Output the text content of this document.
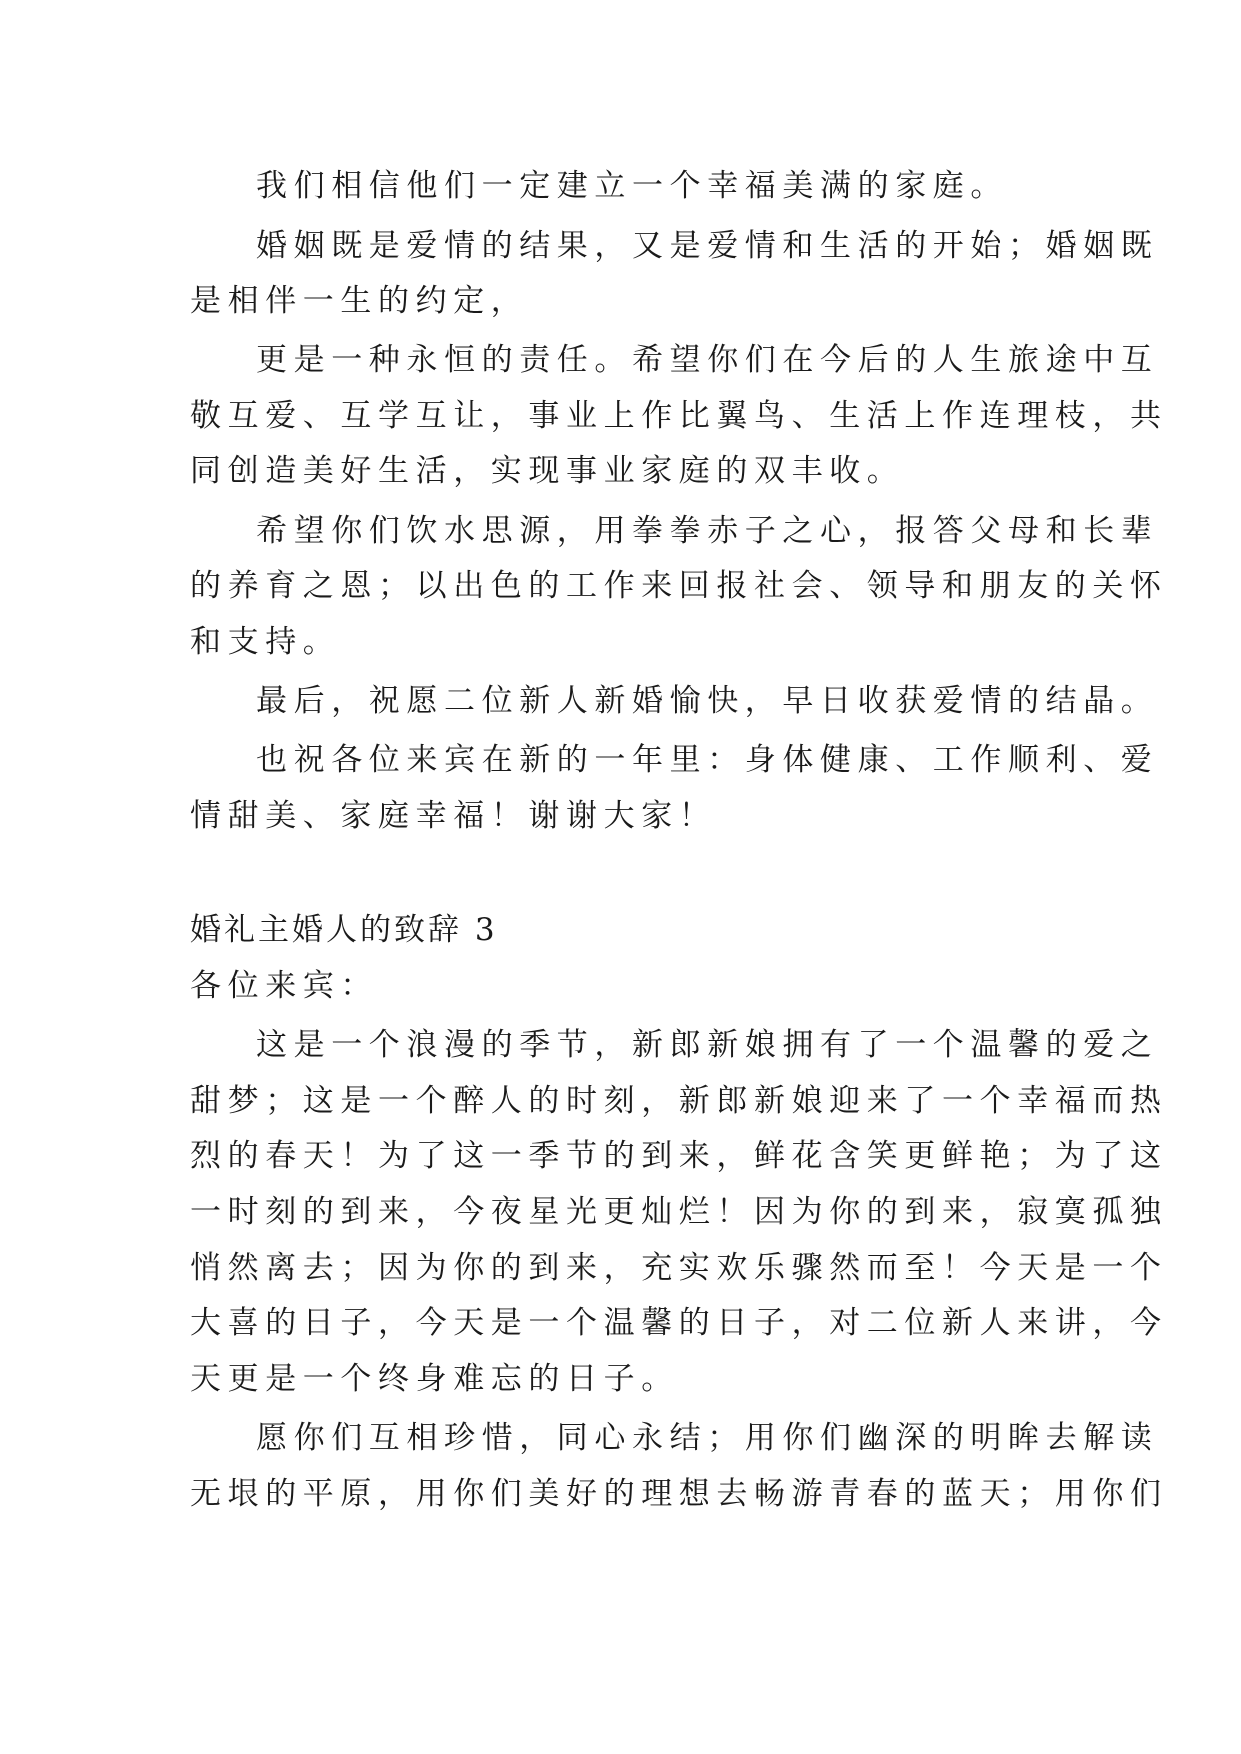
我们相信他们一定建立一个幸福美满的家庭。
婚姻既是爱情的结果，又是爱情和生活的开始；婚姻既
是相伴一生的约定，
更是一种永恒的责任。希望你们在今后的人生旅途中互
敬互爱、互学互让，事业上作比翼鸟、生活上作连理枝，共
同创造美好生活，实现事业家庭的双丰收。
希望你们饮水思源，用拳拳赤子之心，报答父母和长辈
的养育之恩；以出色的工作来回报社会、领导和朋友的关怀
和支持。
最后，祝愿二位新人新婚愉快，早日收获爱情的结晶。
也祝各位来宾在新的一年里：身体健康、工作顺利、爱
情甜美、家庭幸福！谢谢大家！
婚礼主婚人的致辞 3
各位来宾：
这是一个浪漫的季节，新郎新娘拥有了一个温馨的爱之
甜梦；这是一个醉人的时刻，新郎新娘迎来了一个幸福而热
烈的春天！为了这一季节的到来，鲜花含笑更鲜艳；为了这
一时刻的到来，今夜星光更灿烂！因为你的到来，寂寞孤独
悄然离去；因为你的到来，充实欢乐骤然而至！今天是一个
大喜的日子，今天是一个温馨的日子，对二位新人来讲，今
天更是一个终身难忘的日子。
愿你们互相珍惜，同心永结；用你们幽深的明眸去解读
无垠的平原，用你们美好的理想去畅游青春的蓝天；用你们
